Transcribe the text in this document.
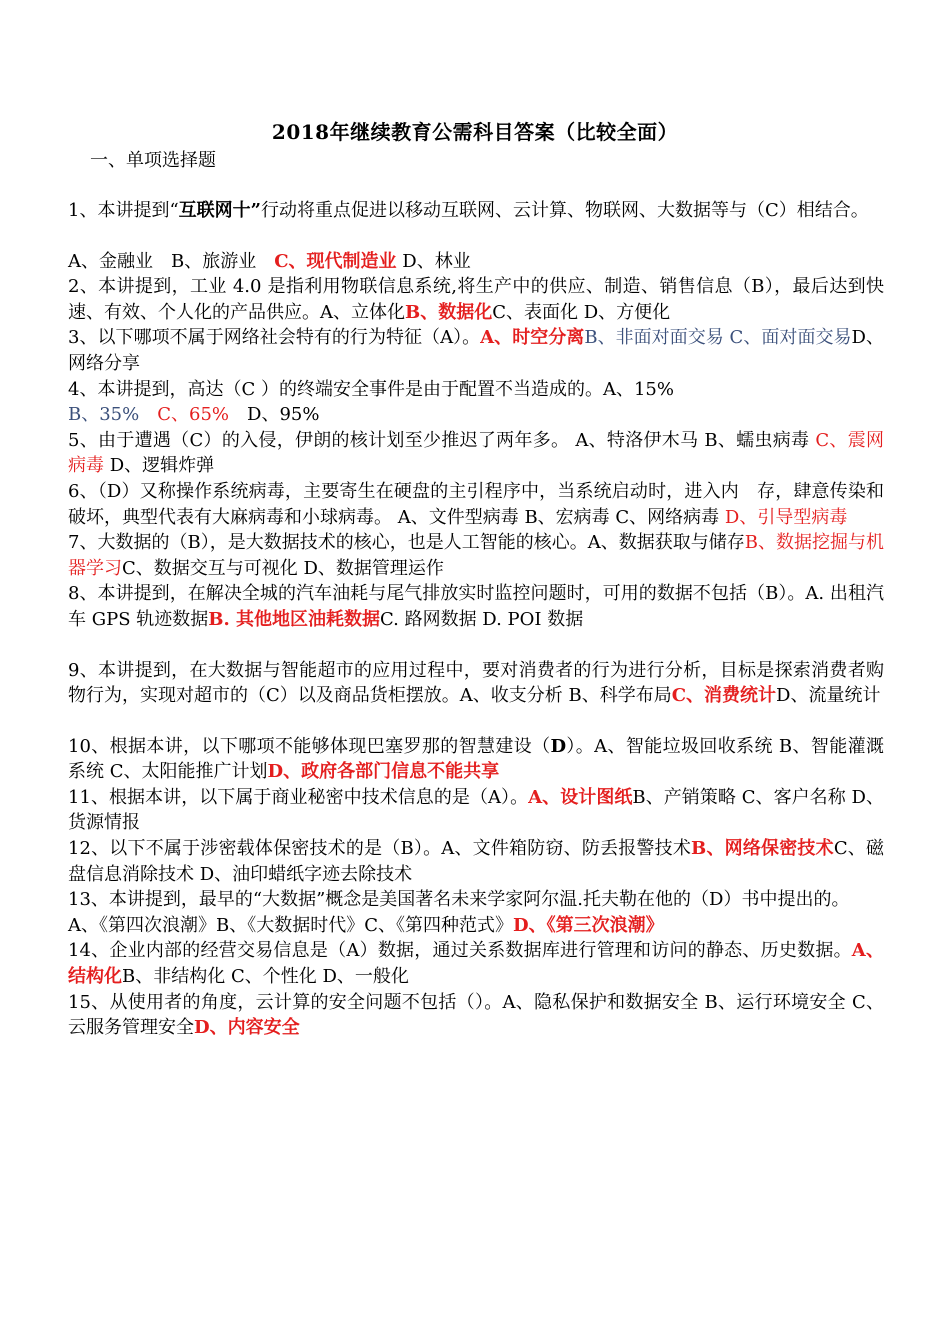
2018年继续教育公需科目答案（比较全面）
一、单项选择题

1、本讲提到“互联网十”行动将重点促进以移动互联网、云计算、物联网、大数据等与（C）相结合。

A、金融业　B、旅游业　C、现代制造业 D、林业

2、本讲提到，工业 4.0 是指利用物联信息系统,将生产中的供应、制造、销售信息（B），最后达到快速、有效、个人化的产品供应。A、立体化B、数据化C、表面化 D、方便化

3、以下哪项不属于网络社会特有的行为特征（A）。A、时空分离B、非面对面交易 C、面对面交易D、网络分享

4、本讲提到，高达（C ）的终端安全事件是由于配置不当造成的。A、15%
B、35%　C、65%　D、95%

5、由于遭遇（C）的入侵，伊朗的核计划至少推迟了两年多。 A、特洛伊木马 B、蠕虫病毒 C、震网病毒 D、逻辑炸弹

6、（D）又称操作系统病毒，主要寄生在硬盘的主引程序中，当系统启动时，进入内　存，肆意传染和破坏，典型代表有大麻病毒和小球病毒。 A、文件型病毒 B、宏病毒 C、网络病毒 D、引导型病毒

7、大数据的（B），是大数据技术的核心，也是人工智能的核心。A、数据获取与储存B、数据挖掘与机器学习C、数据交互与可视化 D、数据管理运作

8、本讲提到，在解决全城的汽车油耗与尾气排放实时监控问题时，可用的数据不包括（B）。A. 出租汽车 GPS 轨迹数据B. 其他地区油耗数据C. 路网数据 D. POI 数据

9、本讲提到，在大数据与智能超市的应用过程中，要对消费者的行为进行分析，目标是探索消费者购物行为，实现对超市的（C）以及商品货柜摆放。A、收支分析 B、科学布局C、消费统计D、流量统计

10、根据本讲，以下哪项不能够体现巴塞罗那的智慧建设（D）。A、智能垃圾回收系统 B、智能灌溉系统 C、太阳能推广计划D、政府各部门信息不能共享

11、根据本讲，以下属于商业秘密中技术信息的是（A）。A、设计图纸B、产销策略 C、客户名称 D、货源情报

12、以下不属于涉密载体保密技术的是（B）。A、文件箱防窃、防丢报警技术B、网络保密技术C、磁盘信息消除技术 D、油印蜡纸字迹去除技术

13、本讲提到，最早的“大数据”概念是美国著名未来学家阿尔温.托夫勒在他的（D）书中提出的。

A、《第四次浪潮》B、《大数据时代》C、《第四种范式》D、《第三次浪潮》

14、企业内部的经营交易信息是（A）数据，通过关系数据库进行管理和访问的静态、历史数据。A、结构化B、非结构化 C、个性化 D、一般化

15、从使用者的角度，云计算的安全问题不包括（）。A、隐私保护和数据安全 B、运行环境安全 C、云服务管理安全D、内容安全
